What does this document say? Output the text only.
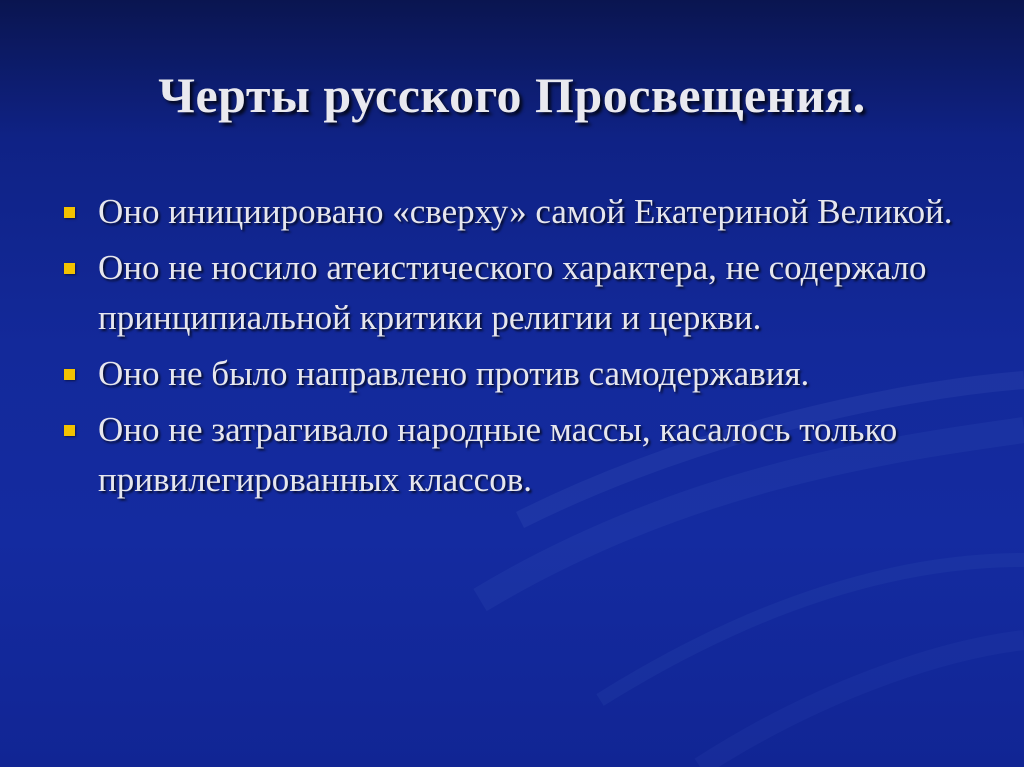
Черты русского Просвещения.
Оно инициировано «сверху» самой Екатериной Великой.
Оно не носило атеистического характера, не содержало принципиальной критики религии и церкви.
Оно не было направлено против самодержавия.
Оно не затрагивало народные массы, касалось только привилегированных классов.
